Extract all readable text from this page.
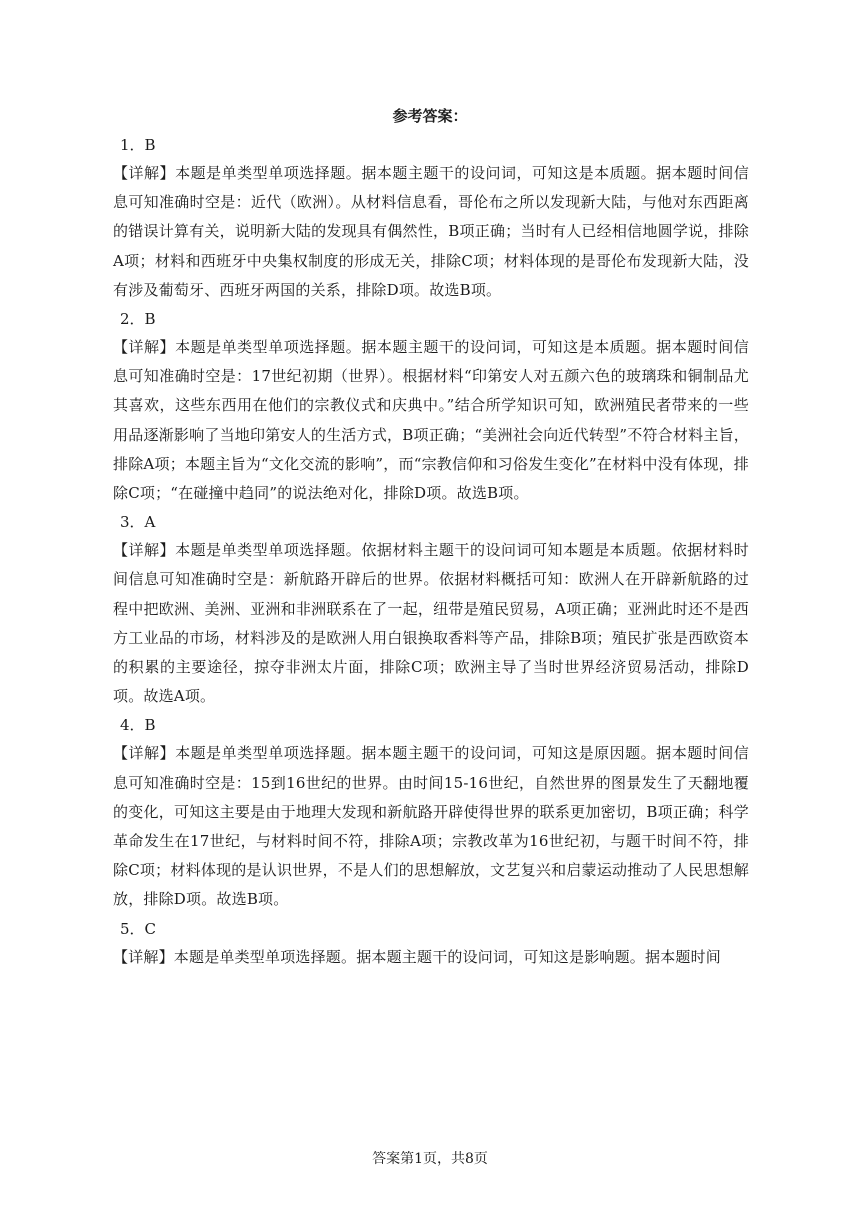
参考答案：

1．B

【详解】本题是单类型单项选择题。据本题主题干的设问词，可知这是本质题。据本题时间信息可知准确时空是：近代（欧洲）。从材料信息看，哥伦布之所以发现新大陆，与他对东西距离的错误计算有关，说明新大陆的发现具有偶然性，B项正确；当时有人已经相信地圆学说，排除A项；材料和西班牙中央集权制度的形成无关，排除C项；材料体现的是哥伦布发现新大陆，没有涉及葡萄牙、西班牙两国的关系，排除D项。故选B项。

2．B

【详解】本题是单类型单项选择题。据本题主题干的设问词，可知这是本质题。据本题时间信息可知准确时空是：17世纪初期（世界）。根据材料“印第安人对五颜六色的玻璃珠和铜制品尤其喜欢，这些东西用在他们的宗教仪式和庆典中。”结合所学知识可知，欧洲殖民者带来的一些用品逐渐影响了当地印第安人的生活方式，B项正确；“美洲社会向近代转型”不符合材料主旨，排除A项；本题主旨为“文化交流的影响”，而“宗教信仰和习俗发生变化”在材料中没有体现，排除C项；“在碰撞中趋同”的说法绝对化，排除D项。故选B项。

3．A

【详解】本题是单类型单项选择题。依据材料主题干的设问词可知本题是本质题。依据材料时间信息可知准确时空是：新航路开辟后的世界。依据材料概括可知：欧洲人在开辟新航路的过程中把欧洲、美洲、亚洲和非洲联系在了一起，纽带是殖民贸易，A项正确；亚洲此时还不是西方工业品的市场，材料涉及的是欧洲人用白银换取香料等产品，排除B项；殖民扩张是西欧资本的积累的主要途径，掠夺非洲太片面，排除C项；欧洲主导了当时世界经济贸易活动，排除D项。故选A项。

4．B

【详解】本题是单类型单项选择题。据本题主题干的设问词，可知这是原因题。据本题时间信息可知准确时空是：15到16世纪的世界。由时间15-16世纪，自然世界的图景发生了天翻地覆的变化，可知这主要是由于地理大发现和新航路开辟使得世界的联系更加密切，B项正确；科学革命发生在17世纪，与材料时间不符，排除A项；宗教改革为16世纪初，与题干时间不符，排除C项；材料体现的是认识世界，不是人们的思想解放，文艺复兴和启蒙运动推动了人民思想解放，排除D项。故选B项。

5．C

【详解】本题是单类型单项选择题。据本题主题干的设问词，可知这是影响题。据本题时间

答案第1页，共8页
